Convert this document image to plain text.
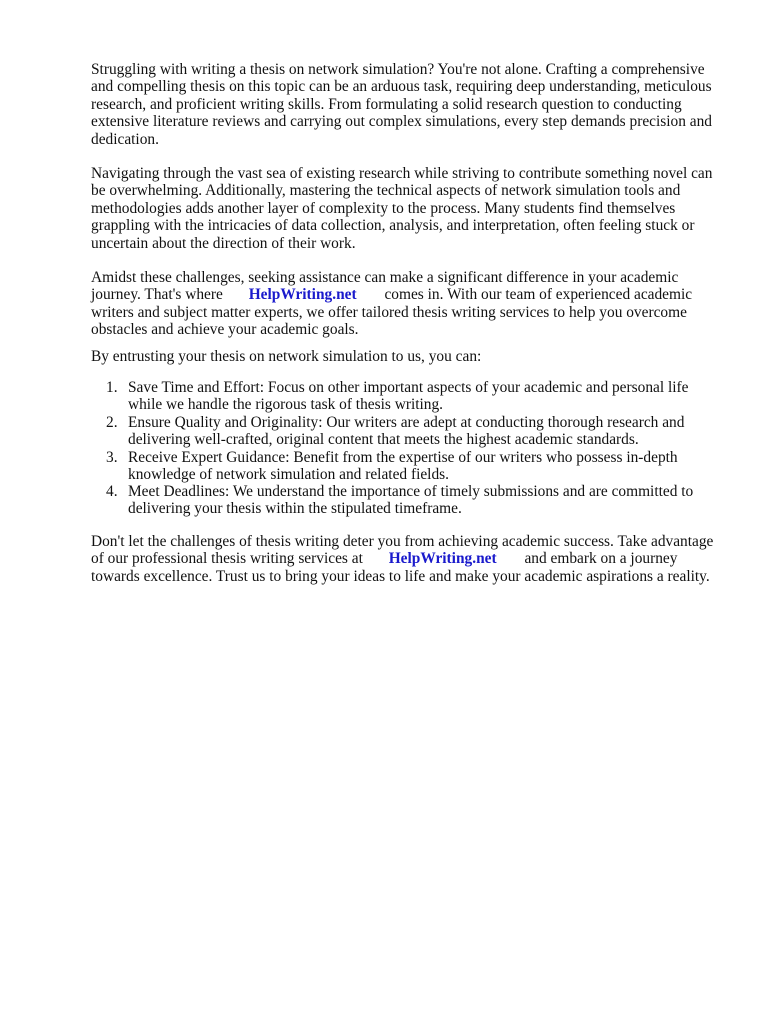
Struggling with writing a thesis on network simulation? You're not alone. Crafting a comprehensive
and compelling thesis on this topic can be an arduous task, requiring deep understanding, meticulous
research, and proficient writing skills. From formulating a solid research question to conducting
extensive literature reviews and carrying out complex simulations, every step demands precision and
dedication.
Navigating through the vast sea of existing research while striving to contribute something novel can
be overwhelming. Additionally, mastering the technical aspects of network simulation tools and
methodologies adds another layer of complexity to the process. Many students find themselves
grappling with the intricacies of data collection, analysis, and interpretation, often feeling stuck or
uncertain about the direction of their work.
Amidst these challenges, seeking assistance can make a significant difference in your academic
journey. That's where HelpWriting.net comes in. With our team of experienced academic
writers and subject matter experts, we offer tailored thesis writing services to help you overcome
obstacles and achieve your academic goals.
By entrusting your thesis on network simulation to us, you can:
1. Save Time and Effort: Focus on other important aspects of your academic and personal life
while we handle the rigorous task of thesis writing.
2. Ensure Quality and Originality: Our writers are adept at conducting thorough research and
delivering well-crafted, original content that meets the highest academic standards.
3. Receive Expert Guidance: Benefit from the expertise of our writers who possess in-depth
knowledge of network simulation and related fields.
4. Meet Deadlines: We understand the importance of timely submissions and are committed to
delivering your thesis within the stipulated timeframe.
Don't let the challenges of thesis writing deter you from achieving academic success. Take advantage
of our professional thesis writing services at HelpWriting.net and embark on a journey
towards excellence. Trust us to bring your ideas to life and make your academic aspirations a reality.
